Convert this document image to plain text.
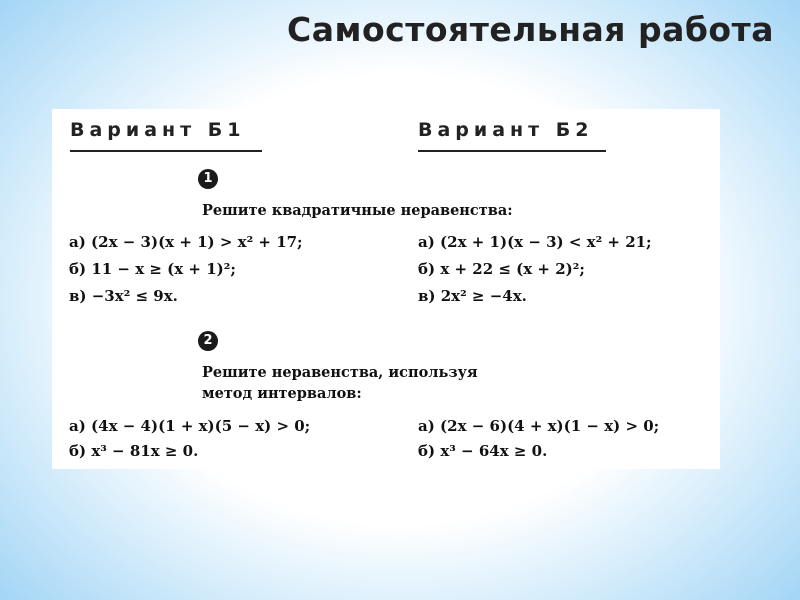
Самостоятельная работа
Вариант Б1	Вариант Б2
1
Решите квадратичные неравенства:
а) (2x − 3)(x + 1) > x² + 17;
б) 11 − x ≥ (x + 1)²;
в) −3x² ≤ 9x.
а) (2x + 1)(x − 3) < x² + 21;
б) x + 22 ≤ (x + 2)²;
в) 2x² ≥ −4x.
2
Решите неравенства, используя
метод интервалов:
а) (4x − 4)(1 + x)(5 − x) > 0;
б) x³ − 81x ≥ 0.
а) (2x − 6)(4 + x)(1 − x) > 0;
б) x³ − 64x ≥ 0.
